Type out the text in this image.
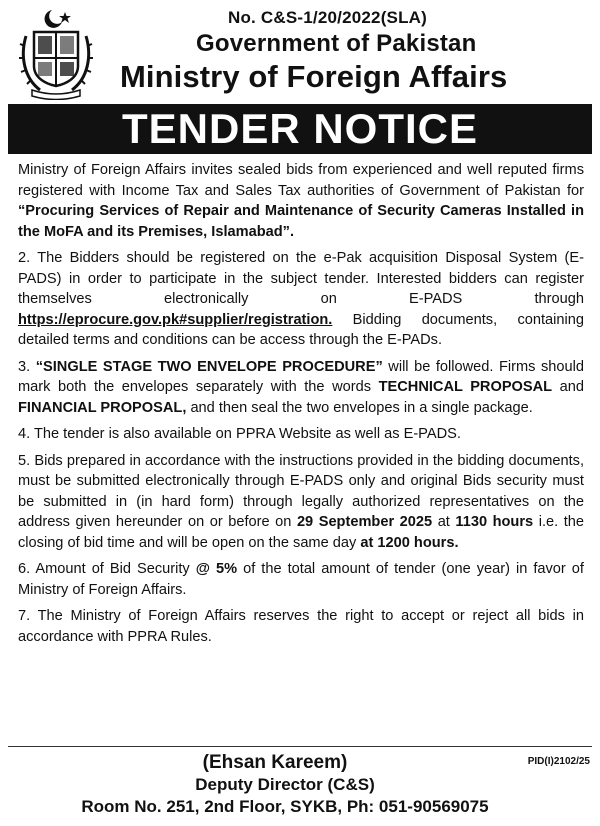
No. C&S-1/20/2022(SLA)
Government of Pakistan
Ministry of Foreign Affairs
TENDER NOTICE

Ministry of Foreign Affairs invites sealed bids from experienced and well reputed firms registered with Income Tax and Sales Tax authorities of Government of Pakistan for “Procuring Services of Repair and Maintenance of Security Cameras Installed in the MoFA and its Premises, Islamabad”.

2. The Bidders should be registered on the e-Pak acquisition Disposal System (E-PADS) in order to participate in the subject tender. Interested bidders can register themselves electronically on E-PADS through https://eprocure.gov.pk#supplier/registration. Bidding documents, containing detailed terms and conditions can be access through the E-PADs.

3. “SINGLE STAGE TWO ENVELOPE PROCEDURE” will be followed. Firms should mark both the envelopes separately with the words TECHNICAL PROPOSAL and FINANCIAL PROPOSAL, and then seal the two envelopes in a single package.

4. The tender is also available on PPRA Website as well as E-PADS.

5. Bids prepared in accordance with the instructions provided in the bidding documents, must be submitted electronically through E-PADS only and original Bids security must be submitted in (in hard form) through legally authorized representatives on the address given hereunder on or before on 29 September 2025 at 1130 hours i.e. the closing of bid time and will be open on the same day at 1200 hours.

6. Amount of Bid Security @ 5% of the total amount of tender (one year) in favor of Ministry of Foreign Affairs.

7. The Ministry of Foreign Affairs reserves the right to accept or reject all bids in accordance with PPRA Rules.

PID(I)2102/25
(Ehsan Kareem)
Deputy Director (C&S)
Room No. 251, 2nd Floor, SYKB, Ph: 051-90569075
